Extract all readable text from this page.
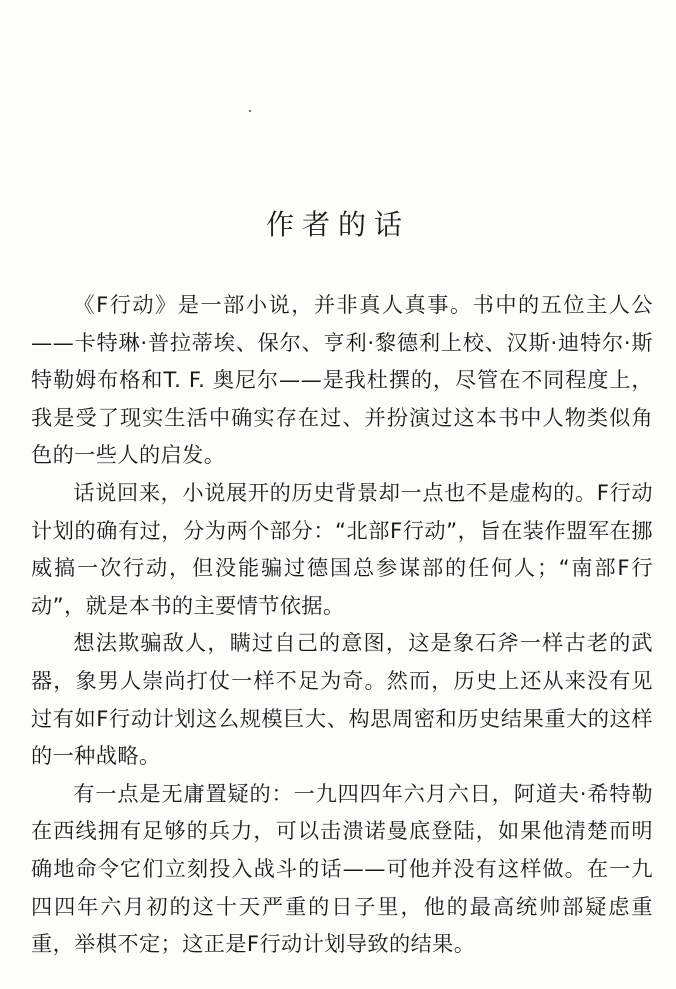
作者的话

《F行动》是一部小说，并非真人真事。书中的五位主人公——卡特琳·普拉蒂埃、保尔、亨利·黎德利上校、汉斯·迪特尔·斯特勒姆布格和T. F. 奥尼尔——是我杜撰的，尽管在不同程度上，我是受了现实生活中确实存在过、并扮演过这本书中人物类似角色的一些人的启发。

话说回来，小说展开的历史背景却一点也不是虚构的。F行动计划的确有过，分为两个部分：“北部F行动”，旨在装作盟军在挪威搞一次行动，但没能骗过德国总参谋部的任何人；“南部F行动”，就是本书的主要情节依据。

想法欺骗敌人，瞒过自己的意图，这是象石斧一样古老的武器，象男人崇尚打仗一样不足为奇。然而，历史上还从来没有见过有如F行动计划这么规模巨大、构思周密和历史结果重大的这样的一种战略。

有一点是无庸置疑的：一九四四年六月六日，阿道夫·希特勒在西线拥有足够的兵力，可以击溃诺曼底登陆，如果他清楚而明确地命令它们立刻投入战斗的话——可他并没有这样做。在一九四四年六月初的这十天严重的日子里，他的最高统帅部疑虑重重，举棋不定；这正是F行动计划导致的结果。
